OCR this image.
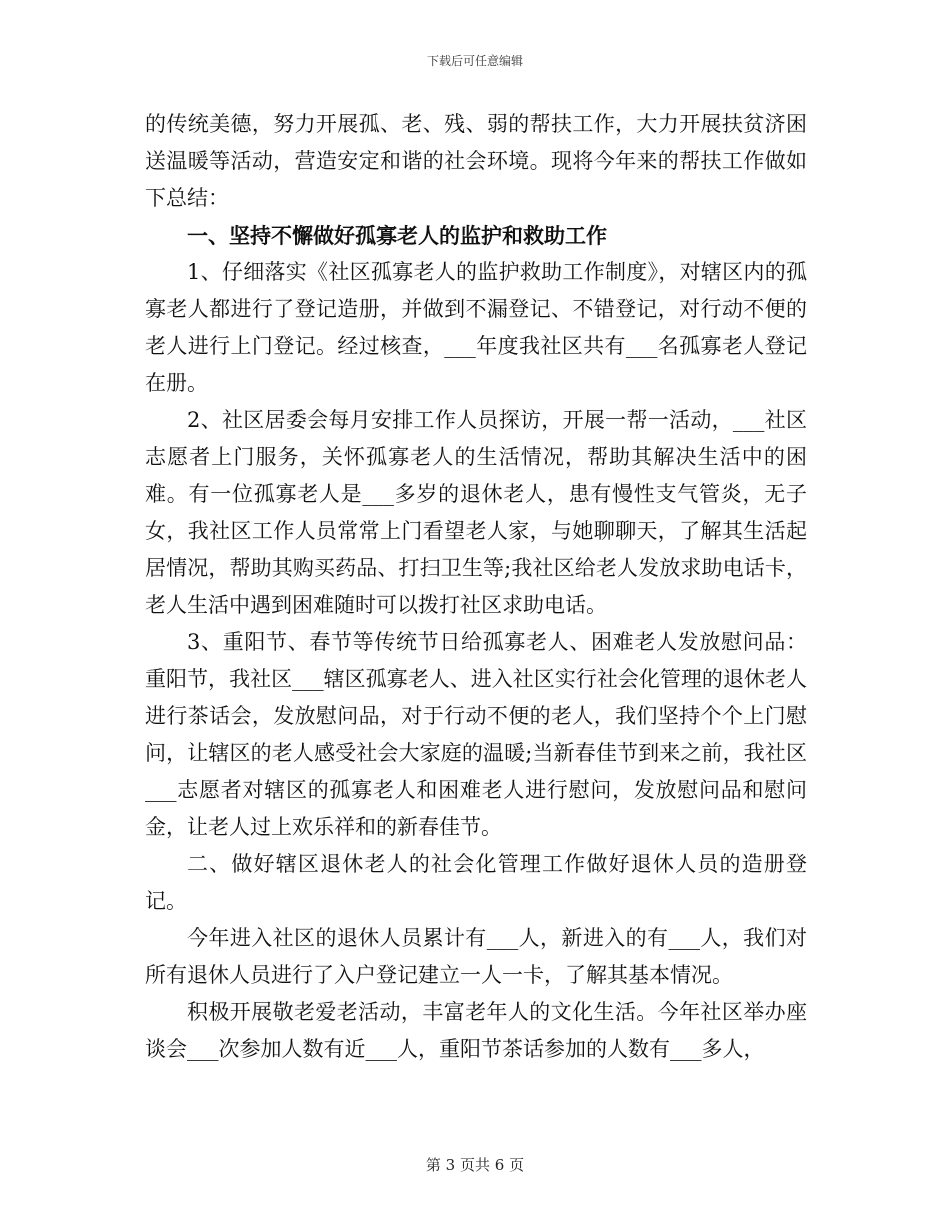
下载后可任意编辑

的传统美德，努力开展孤、老、残、弱的帮扶工作，大力开展扶贫济困送温暖等活动，营造安定和谐的社会环境。现将今年来的帮扶工作做如下总结：

一、坚持不懈做好孤寡老人的监护和救助工作

1、仔细落实《社区孤寡老人的监护救助工作制度》，对辖区内的孤寡老人都进行了登记造册，并做到不漏登记、不错登记，对行动不便的老人进行上门登记。经过核查，___年度我社区共有___名孤寡老人登记在册。

2、社区居委会每月安排工作人员探访，开展一帮一活动，___社区志愿者上门服务，关怀孤寡老人的生活情况，帮助其解决生活中的困难。有一位孤寡老人是___多岁的退休老人，患有慢性支气管炎，无子女，我社区工作人员常常上门看望老人家，与她聊聊天，了解其生活起居情况，帮助其购买药品、打扫卫生等;我社区给老人发放求助电话卡，老人生活中遇到困难随时可以拨打社区求助电话。

3、重阳节、春节等传统节日给孤寡老人、困难老人发放慰问品：重阳节，我社区___辖区孤寡老人、进入社区实行社会化管理的退休老人进行茶话会，发放慰问品，对于行动不便的老人，我们坚持个个上门慰问，让辖区的老人感受社会大家庭的温暖;当新春佳节到来之前，我社区___志愿者对辖区的孤寡老人和困难老人进行慰问，发放慰问品和慰问金，让老人过上欢乐祥和的新春佳节。

二、做好辖区退休老人的社会化管理工作做好退休人员的造册登记。

今年进入社区的退休人员累计有___人，新进入的有___人，我们对所有退休人员进行了入户登记建立一人一卡，了解其基本情况。

积极开展敬老爱老活动，丰富老年人的文化生活。今年社区举办座谈会___次参加人数有近___人，重阳节茶话参加的人数有___多人，

第 3 页共 6 页
